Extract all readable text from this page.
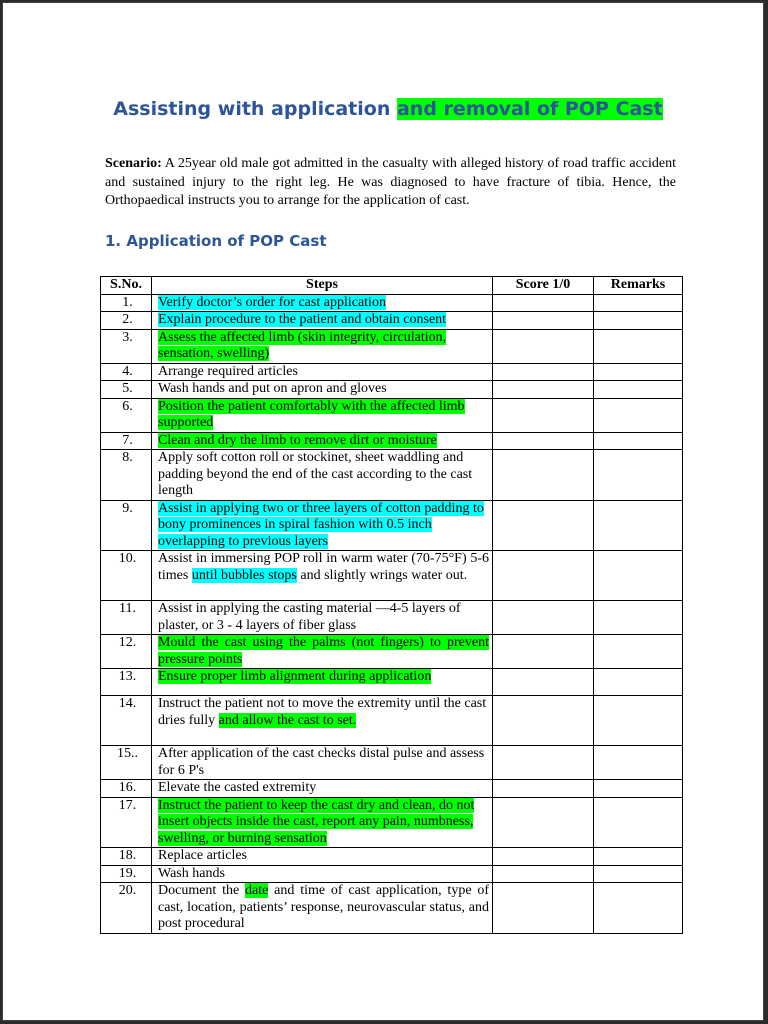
Assisting with application and removal of POP Cast
Scenario: A 25year old male got admitted in the casualty with alleged history of road traffic accident and sustained injury to the right leg. He was diagnosed to have fracture of tibia. Hence, the Orthopaedical instructs you to arrange for the application of cast.
1. Application of POP Cast
S.No.	Steps	Score 1/0	Remarks
1.	Verify doctor’s order for cast application		
2.	Explain procedure to the patient and obtain consent		
3.	Assess the affected limb (skin integrity, circulation, sensation, swelling)		
4.	Arrange required articles		
5.	Wash hands and put on apron and gloves		
6.	Position the patient comfortably with the affected limb supported		
7.	Clean and dry the limb to remove dirt or moisture		
8.	Apply soft cotton roll or stockinet, sheet waddling and padding beyond the end of the cast according to the cast length		
9.	Assist in applying two or three layers of cotton padding to bony prominences in spiral fashion with 0.5 inch overlapping to previous layers		
10.	Assist in immersing POP roll in warm water (70-75°F) 5-6 times until bubbles stops and slightly wrings water out.		
11.	Assist in applying the casting material —4-5 layers of plaster, or 3 - 4 layers of fiber glass		
12.	Mould the cast using the palms (not fingers) to prevent pressure points		
13.	Ensure proper limb alignment during application		
14.	Instruct the patient not to move the extremity until the cast dries fully and allow the cast to set.		
15..	After application of the cast checks distal pulse and assess for 6 P's		
16.	Elevate the casted extremity		
17.	Instruct the patient to keep the cast dry and clean, do not insert objects inside the cast, report any pain, numbness, swelling, or burning sensation		
18.	Replace articles		
19.	Wash hands		
20.	Document the date and time of cast application, type of cast, location, patients’ response, neurovascular status, and post procedural		
